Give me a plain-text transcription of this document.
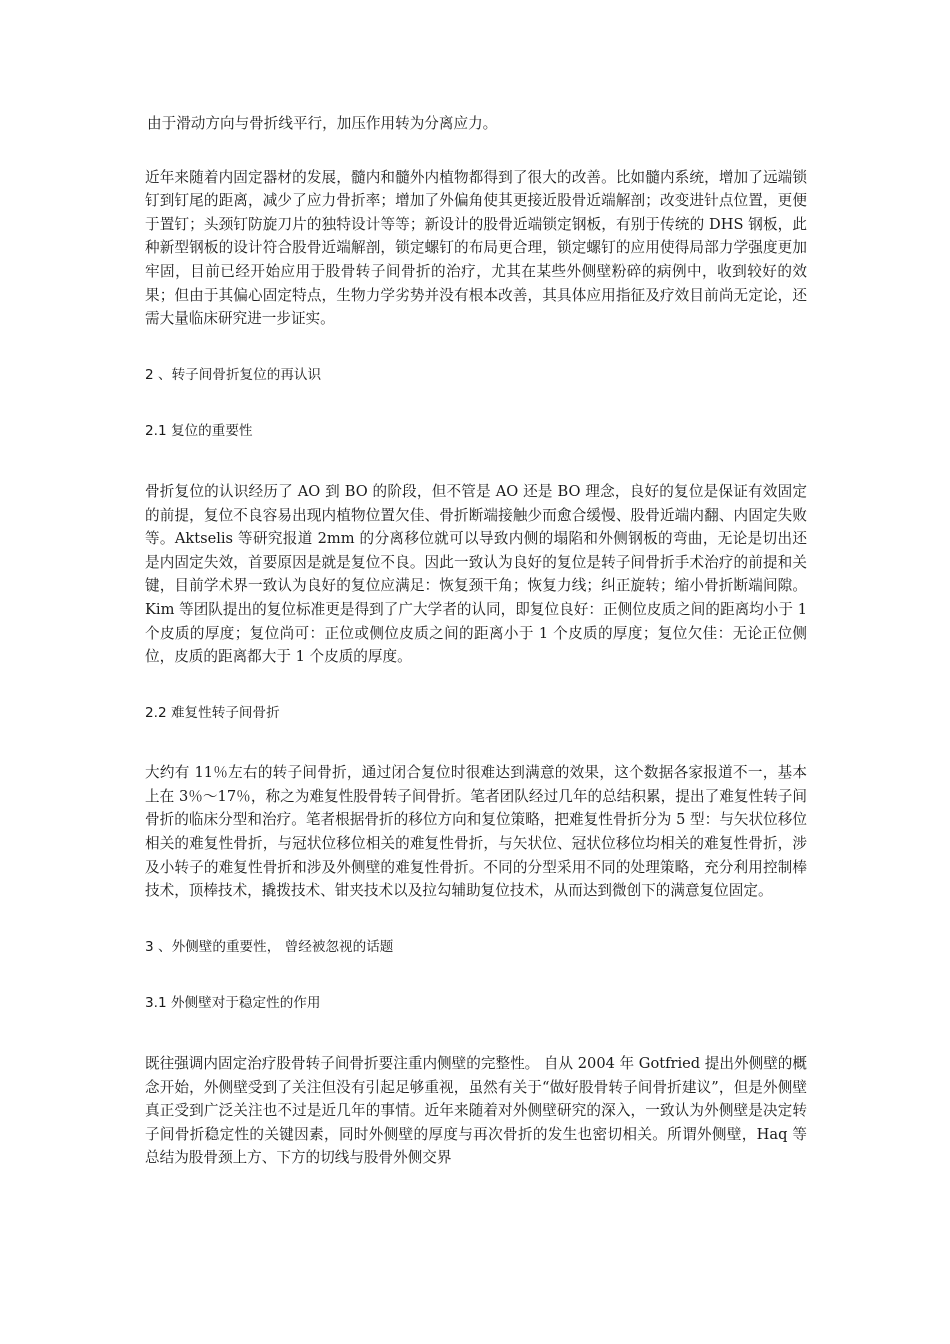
由于滑动方向与骨折线平行，加压作用转为分离应力。

近年来随着内固定器材的发展，髓内和髓外内植物都得到了很大的改善。比如髓内系统，增加了远端锁钉到钉尾的距离，减少了应力骨折率；增加了外偏角使其更接近股骨近端解剖；改变进针点位置，更便于置钉；头颈钉防旋刀片的独特设计等等；新设计的股骨近端锁定钢板，有别于传统的 DHS 钢板，此种新型钢板的设计符合股骨近端解剖，锁定螺钉的布局更合理，锁定螺钉的应用使得局部力学强度更加牢固，目前已经开始应用于股骨转子间骨折的治疗，尤其在某些外侧壁粉碎的病例中，收到较好的效果；但由于其偏心固定特点，生物力学劣势并没有根本改善，其具体应用指征及疗效目前尚无定论，还需大量临床研究进一步证实。

2 、转子间骨折复位的再认识

2.1 复位的重要性

骨折复位的认识经历了 AO 到 BO 的阶段，但不管是 AO 还是 BO 理念，良好的复位是保证有效固定的前提，复位不良容易出现内植物位置欠佳、骨折断端接触少而愈合缓慢、股骨近端内翻、内固定失败等。Aktselis 等研究报道 2mm 的分离移位就可以导致内侧的塌陷和外侧钢板的弯曲，无论是切出还是内固定失效，首要原因是就是复位不良。因此一致认为良好的复位是转子间骨折手术治疗的前提和关键，目前学术界一致认为良好的复位应满足：恢复颈干角；恢复力线；纠正旋转；缩小骨折断端间隙。Kim 等团队提出的复位标准更是得到了广大学者的认同，即复位良好：正侧位皮质之间的距离均小于 1 个皮质的厚度；复位尚可：正位或侧位皮质之间的距离小于 1 个皮质的厚度；复位欠佳：无论正位侧位，皮质的距离都大于 1 个皮质的厚度。

2.2 难复性转子间骨折

大约有 11％左右的转子间骨折，通过闭合复位时很难达到满意的效果，这个数据各家报道不一，基本上在 3％～17％，称之为难复性股骨转子间骨折。笔者团队经过几年的总结积累，提出了难复性转子间骨折的临床分型和治疗。笔者根据骨折的移位方向和复位策略，把难复性骨折分为 5 型：与矢状位移位相关的难复性骨折，与冠状位移位相关的难复性骨折，与矢状位、冠状位移位均相关的难复性骨折，涉及小转子的难复性骨折和涉及外侧壁的难复性骨折。不同的分型采用不同的处理策略，充分利用控制棒技术，顶棒技术，撬拨技术、钳夹技术以及拉勾辅助复位技术，从而达到微创下的满意复位固定。

3 、外侧壁的重要性， 曾经被忽视的话题

3.1 外侧壁对于稳定性的作用

既往强调内固定治疗股骨转子间骨折要注重内侧壁的完整性。 自从 2004 年 Gotfried 提出外侧壁的概念开始，外侧壁受到了关注但没有引起足够重视，虽然有关于“做好股骨转子间骨折建议”，但是外侧壁真正受到广泛关注也不过是近几年的事情。近年来随着对外侧壁研究的深入，一致认为外侧壁是决定转子间骨折稳定性的关键因素，同时外侧壁的厚度与再次骨折的发生也密切相关。所谓外侧壁，Haq 等总结为股骨颈上方、下方的切线与股骨外侧交界
